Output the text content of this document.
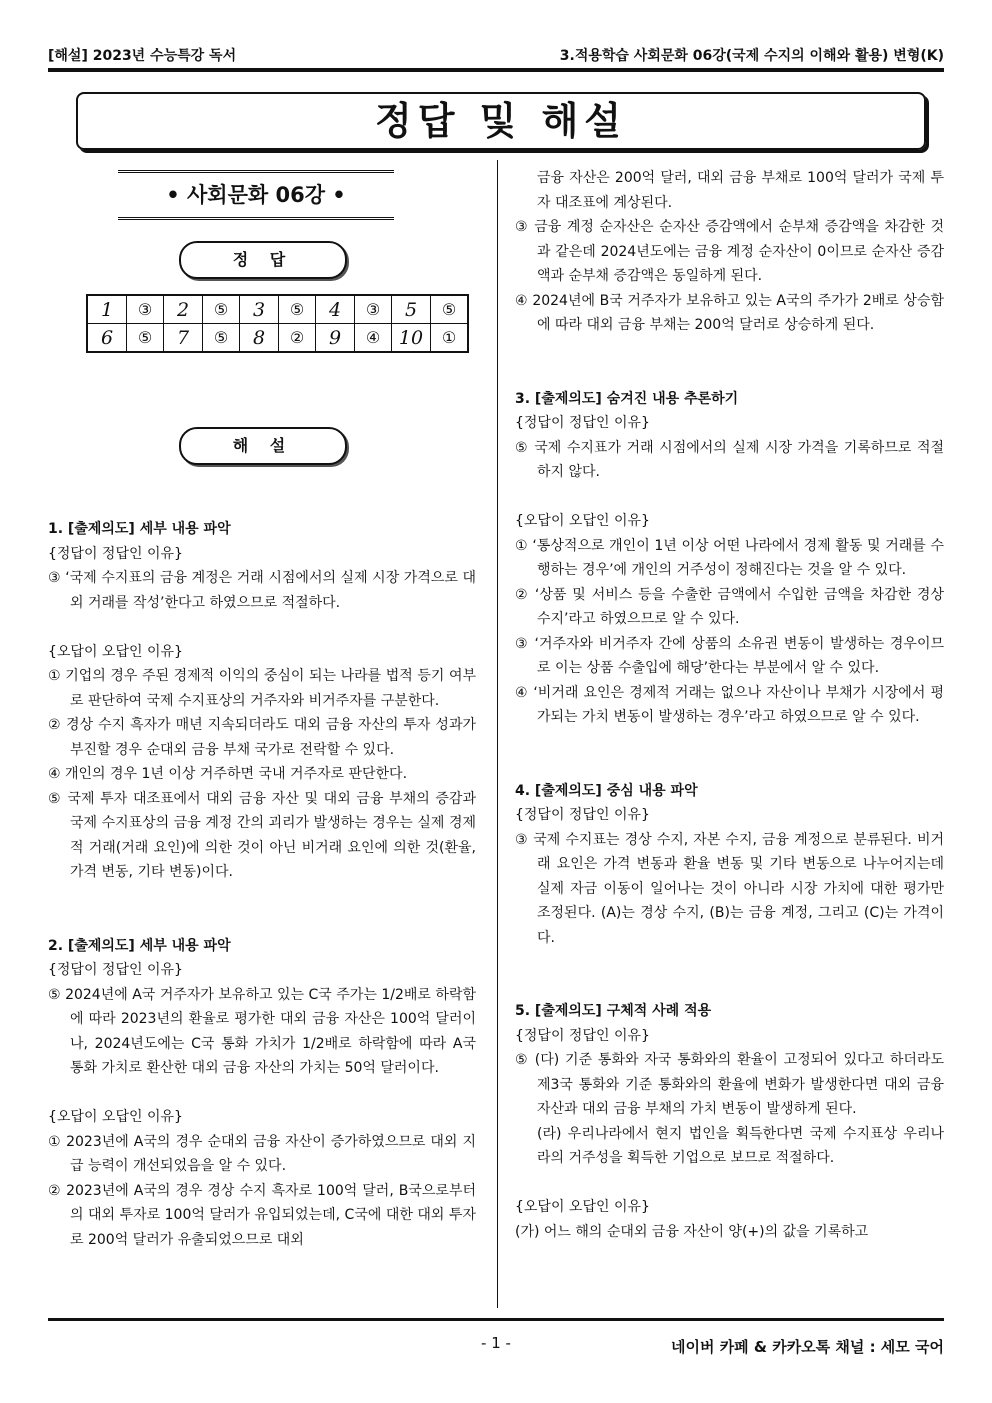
[해설] 2023년 수능특강 독서	3.적용학습 사회문화 06강(국제 수지의 이해와 활용) 변형(K)
정답 및 해설
• 사회문화 06강 •
정 답
1	③	2	⑤	3	⑤	4	③	5	⑤
6	⑤	7	⑤	8	②	9	④	10	①
해 설

1. [출제의도] 세부 내용 파악

{정답이 정답인 이유}

③ ‘국제 수지표의 금융 계정은 거래 시점에서의 실제 시장 가격으로 대외 거래를 작성’한다고 하였으므로 적절하다.

{오답이 오답인 이유}

① 기업의 경우 주된 경제적 이익의 중심이 되는 나라를 법적 등기 여부로 판단하여 국제 수지표상의 거주자와 비거주자를 구분한다.

② 경상 수지 흑자가 매년 지속되더라도 대외 금융 자산의 투자 성과가 부진할 경우 순대외 금융 부채 국가로 전락할 수 있다.

④ 개인의 경우 1년 이상 거주하면 국내 거주자로 판단한다.

⑤ 국제 투자 대조표에서 대외 금융 자산 및 대외 금융 부채의 증감과 국제 수지표상의 금융 계정 간의 괴리가 발생하는 경우는 실제 경제적 거래(거래 요인)에 의한 것이 아닌 비거래 요인에 의한 것(환율, 가격 변동, 기타 변동)이다.

2. [출제의도] 세부 내용 파악

{정답이 정답인 이유}

⑤ 2024년에 A국 거주자가 보유하고 있는 C국 주가는 1/2배로 하락함에 따라 2023년의 환율로 평가한 대외 금융 자산은 100억 달러이나, 2024년도에는 C국 통화 가치가 1/2배로 하락함에 따라 A국 통화 가치로 환산한 대외 금융 자산의 가치는 50억 달러이다.

{오답이 오답인 이유}

① 2023년에 A국의 경우 순대외 금융 자산이 증가하였으므로 대외 지급 능력이 개선되었음을 알 수 있다.

② 2023년에 A국의 경우 경상 수지 흑자로 100억 달러, B국으로부터의 대외 투자로 100억 달러가 유입되었는데, C국에 대한 대외 투자로 200억 달러가 유출되었으므로 대외

금융 자산은 200억 달러, 대외 금융 부채로 100억 달러가 국제 투자 대조표에 계상된다.

③ 금융 계정 순자산은 순자산 증감액에서 순부채 증감액을 차감한 것과 같은데 2024년도에는 금융 계정 순자산이 0이므로 순자산 증감액과 순부채 증감액은 동일하게 된다.

④ 2024년에 B국 거주자가 보유하고 있는 A국의 주가가 2배로 상승함에 따라 대외 금융 부채는 200억 달러로 상승하게 된다.

3. [출제의도] 숨겨진 내용 추론하기

{정답이 정답인 이유}

⑤ 국제 수지표가 거래 시점에서의 실제 시장 가격을 기록하므로 적절하지 않다.

{오답이 오답인 이유}

① ‘통상적으로 개인이 1년 이상 어떤 나라에서 경제 활동 및 거래를 수행하는 경우’에 개인의 거주성이 정해진다는 것을 알 수 있다.

② ‘상품 및 서비스 등을 수출한 금액에서 수입한 금액을 차감한 경상 수지’라고 하였으므로 알 수 있다.

③ ‘거주자와 비거주자 간에 상품의 소유권 변동이 발생하는 경우이므로 이는 상품 수출입에 해당’한다는 부분에서 알 수 있다.

④ ‘비거래 요인은 경제적 거래는 없으나 자산이나 부채가 시장에서 평가되는 가치 변동이 발생하는 경우’라고 하였으므로 알 수 있다.

4. [출제의도] 중심 내용 파악

{정답이 정답인 이유}

③ 국제 수지표는 경상 수지, 자본 수지, 금융 계정으로 분류된다. 비거래 요인은 가격 변동과 환율 변동 및 기타 변동으로 나누어지는데 실제 자금 이동이 일어나는 것이 아니라 시장 가치에 대한 평가만 조정된다. (A)는 경상 수지, (B)는 금융 계정, 그리고 (C)는 가격이다.

5. [출제의도] 구체적 사례 적용

{정답이 정답인 이유}

⑤ (다) 기준 통화와 자국 통화와의 환율이 고정되어 있다고 하더라도 제3국 통화와 기준 통화와의 환율에 변화가 발생한다면 대외 금융 자산과 대외 금융 부채의 가치 변동이 발생하게 된다.

(라) 우리나라에서 현지 법인을 획득한다면 국제 수지표상 우리나라의 거주성을 획득한 기업으로 보므로 적절하다.

{오답이 오답인 이유}

(가) 어느 해의 순대외 금융 자산이 양(+)의 값을 기록하고

- 1 -	네이버 카페 & 카카오톡 채널 : 세모 국어
